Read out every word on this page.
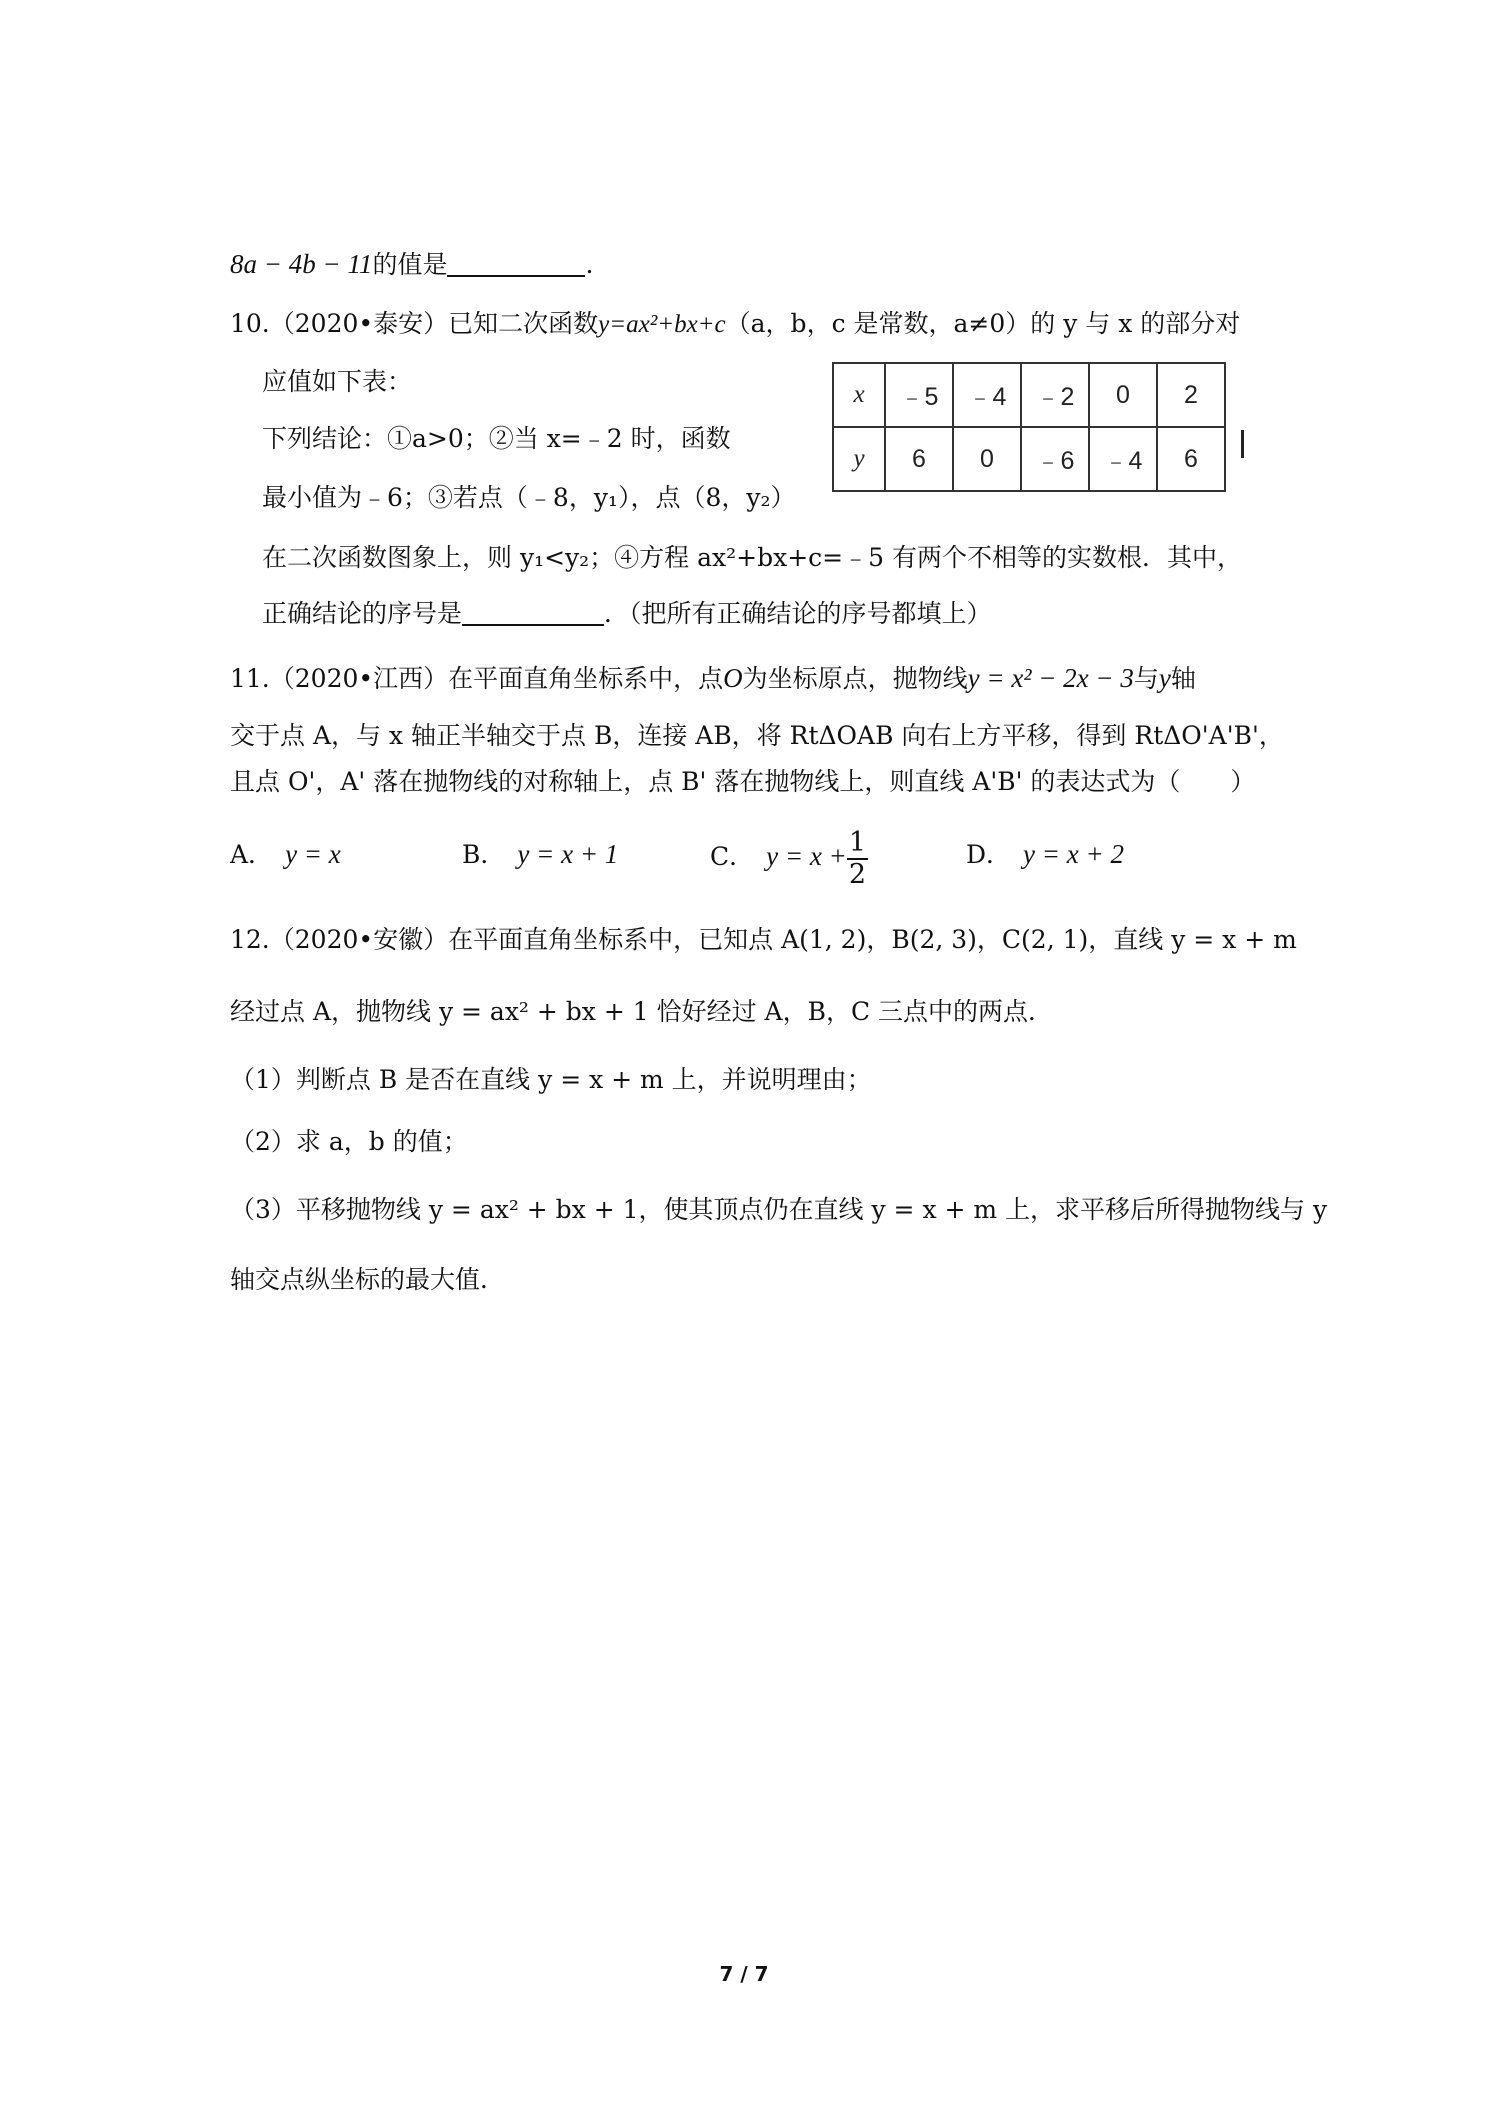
8a − 4b − 11的值是	.
10.（2020•泰安）已知二次函数y=ax²+bx+c（a，b，c 是常数，a≠0）的 y 与 x 的部分对
应值如下表：
下列结论：①a>0；②当 x=﹣2 时，函数
最小值为﹣6；③若点（﹣8，y₁），点（8，y₂）
在二次函数图象上，则 y₁<y₂；④方程 ax²+bx+c=﹣5 有两个不相等的实数根．其中，
正确结论的序号是	．（把所有正确结论的序号都填上）
x	﹣5	﹣4	﹣2	0	2
y	6	0	﹣6	﹣4	6
11.（2020•江西）在平面直角坐标系中，点O为坐标原点，抛物线y = x² − 2x − 3与y轴
交于点 A，与 x 轴正半轴交于点 B，连接 AB，将 RtΔOAB 向右上方平移，得到 RtΔO'A'B'，
且点 O'，A' 落在抛物线的对称轴上，点 B' 落在抛物线上，则直线 A'B' 的表达式为（　　）
A． y = x	B． y = x + 1	C． $y = x + \frac{1}{2}$	D． y = x + 2
12.（2020•安徽）在平面直角坐标系中，已知点 A(1, 2)，B(2, 3)，C(2, 1)，直线 y = x + m
经过点 A，抛物线 y = ax² + bx + 1 恰好经过 A，B，C 三点中的两点．
（1）判断点 B 是否在直线 y = x + m 上，并说明理由；
（2）求 a，b 的值；
（3）平移抛物线 y = ax² + bx + 1，使其顶点仍在直线 y = x + m 上，求平移后所得抛物线与 y
轴交点纵坐标的最大值．
7 / 7
